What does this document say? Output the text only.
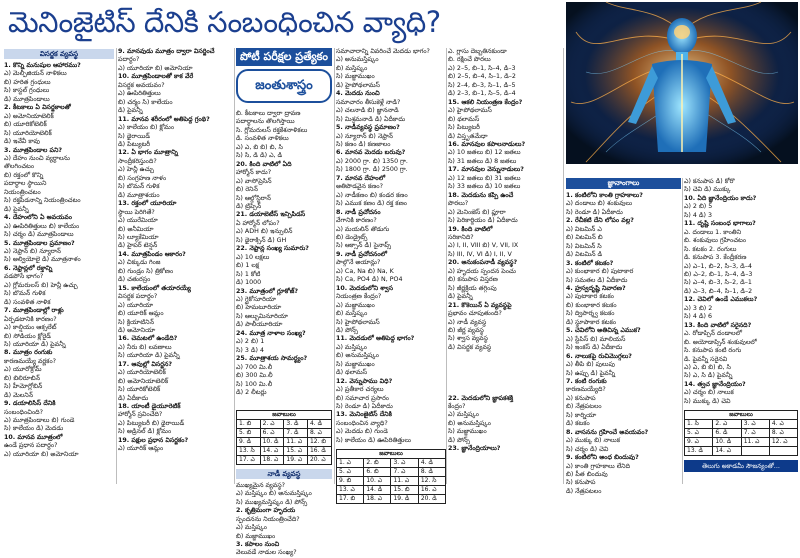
మెనింజైటిస్ దేనికి సంబంధించిన వ్యాధి?
విసర్జక వ్యవస్థ

1. కొన్ని మనుషుల ఆహారము?

ఎ) మెల్పీజియన్ నాళికలు

బి) హరిత గ్రంధులు

సి) కాస్టల్ గ్రంధులు

డి) మూత్రపిండాలు

2. కీటకాలు ఏ విసర్జకాలతో

ఎ) అమోనియాటెలిక్

బి) యూరికోటెలిక్

సి) యూరియోటెలిక్

డి) ఇవేవీ కావు

3. మూత్రపిండాల పని?

ఎ) దేహం నుంచి వ్యర్థాలను

తొలగించటం

బి) రక్తంలో కొన్ని

పదార్థాల స్థాయిని

నియంత్రించటం

సి) రక్తపీడనాన్ని నియంత్రించటం

డి) పైవన్నీ

4. దేహంలోని ఏ అవయవం

ఎ) ఊపిరితిత్తులు బి) కాలేయం

సి) చర్మం డి) మూత్రపిండాలు

5. మూత్రపిండాల ప్రమాణం?

ఎ) నెఫ్రాన్ బి) న్యూరాన్

సి) అల్వియోలై డి) మూత్రనాళం

6. నెఫ్రాన్లలో రక్తాన్ని

వడపోసే భాగం?

ఎ) గ్లోమరులస్ బి) హెన్లీ ఉచ్చు

సి) బొమన్ గుళిక

డి) సంవళిత నాళిక

7. మూత్రపిండాల్లో రాళ్లు

ఏర్పడటానికి కారణం?

ఎ) కాల్షియం ఆక్సలేట్

బి) సోడియం క్లోరైడ్

సి) యూరియా డి) పైవన్నీ

8. మూత్రం రంగుకు

కారణమయ్యే వర్ణకం?

ఎ) యూరోక్రోమ్

బి) బిలిరూబిన్

సి) హీమోగ్లోబిన్

డి) మెలనిన్

9. డయాలిసిస్ దేనికి

సంబంధించింది?

ఎ) మూత్రపిండాలు బి) గుండె

సి) కాలేయం డి) మెదడు

10. మానవ మూత్రంలో

ఉండే ప్రధాన పదార్థం?

ఎ) యూరియా బి) అమోనియా

9. మానవుడు మూత్రం ద్వారా విసర్జించే

పదార్థం?

ఎ) యూరియా బి) అమోనియా

10. మూత్రపిండాలతో కాక వేరే

విసర్జక అవయవం?

ఎ) ఊపిరితిత్తులు

బి) చర్మం సి) కాలేయం

డి) పైవన్నీ

11. మానవ శరీరంలో అతిపెద్ద గ్రంథి?

ఎ) కాలేయం బి) క్లోమం

సి) థైరాయిడ్

డి) పిట్యుటరీ

12. ఏ భాగం మూత్రాన్ని

సాంద్రీకరిస్తుంది?

ఎ) హెన్లీ ఉచ్చు

బి) సంగ్రహణ నాళం

సి) బొమన్ గుళిక

డి) మూత్రాశయం

13. రక్తంలో యూరియా

స్థాయి పెరిగితే?

ఎ) యురేమియా

బి) అనీమియా

సి) ల్యూకేమియా

డి) హైపర్ టెన్షన్

14. మూత్రపిండం ఆకారం?

ఎ) చిక్కుడు గింజ

బి) గుండ్రం సి) త్రికోణం

డి) చతురస్రం

15. కాలేయంలో తయారయ్యే

విసర్జక పదార్థం?

ఎ) యూరియా

బి) యూరిక్ ఆమ్లం

సి) క్రియాటినిన్

డి) అమోనియా

16. చెమటలో ఉండేది?

ఎ) నీరు బి) లవణాలు

సి) యూరియా డి) పైవన్నీ

17. ఆవుల్లో విసర్జన?

ఎ) యూరియోటెలిక్

బి) అమోనియాటెలిక్

సి) యూరికోటెలిక్

డి) ఏదీకాదు

18. యాంటీ డైయూరెటిక్

హార్మోన్ స్రవించేది?

ఎ) పిట్యుటరీ బి) థైరాయిడ్

సి) అడ్రినల్ డి) క్లోమం

19. పక్షుల ప్రధాన విసర్జకం?

ఎ) యూరిక్ ఆమ్లం

పోటీ పరీక్షల ప్రత్యేకం
జంతుశాస్త్రం

బి. కీటకాలు ద్వారా ద్రావణ

పదార్థాలను తొలగిస్తాయి

సి. గ్లోమరులస్ రక్తకేశనాళికలు

డి. సంవళిత నాళికలు

ఎ) ఎ, బి బి) బి, సి

సి) సి, డి డి) ఎ, డి

20. కింది వాటిలో ఏది

హార్మోన్ కాదు?

ఎ) వాసోప్రెసిన్

బి) రెనిన్

సి) ఆల్డోస్టిరాన్

డి) ట్రిప్సిన్

21. డయాబెటీస్ ఇన్సిపిడస్

ఏ హార్మోన్ లోపం?

ఎ) ADH బి) ఇన్సులిన్

సి) థైరాక్సిన్ డి) GH

22. నెఫ్రాన్ల సంఖ్య సుమారు?

ఎ) 10 లక్షలు

బి) 1 లక్ష

సి) 1 కోటి

డి) 1000

23. మూత్రంలో గ్లూకోజ్?

ఎ) గ్లైకోసూరియా

బి) హెమటూరియా

సి) ఆల్బుమినూరియా

డి) పాలీయూరియా

24. మూత్ర నాళాల సంఖ్య?

ఎ) 2 బి) 1

సి) 3 డి) 4

25. మూత్రాశయ సామర్థ్యం?

ఎ) 700 మి.లీ

బి) 300 మి.లీ

సి) 100 మి.లీ

డి) 2 లీటర్లు

జవాబులు			
1. బి	2. ఎ	3. డి	4. డి
5. బి	6. ఎ	7. డి	8. ఎ
9. డి	10. డి	11. ఎ	12. బి
13. సి	14. ఎ	15. ఎ	16. డి
17. ఎ	18. ఎ	19. ఎ	20. ఎ
నాడీ వ్యవస్థ

ముఖ్యమైన వ్యవస్థ?

ఎ) మస్తిష్కం బి) అనుమస్తిష్కం

సి) ముఖ్యమస్తిష్కం డి) పోన్స్

2. కృత్రిమంగా హృదయ

స్పందనను నియంత్రించేది?

ఎ) మస్తిష్కం

బి) మజ్జాముఖం

3. కపాలం నుంచి

వెలువడే నాడుల సంఖ్య?

సమాచారాన్ని వివరించే మెదడు భాగం?

ఎ) అనుమస్తిష్కం

బి) మస్తిష్కం

సి) మజ్జాముఖం

డి) హైపోథలామస్

4. మెదడు నుంచి

సమాచారం తీసుకెళ్లే నాడి?

ఎ) చలనాడి బి) జ్ఞాననాడి

సి) మిశ్రమనాడి డి) ఏదీకాదు

5. నాడీవ్యవస్థ ప్రమాణం?

ఎ) న్యూరాన్ బి) నెఫ్రాన్

సి) కణం డి) కణజాలం

6. మానవ మెదడు బరువు?

ఎ) 2000 గ్రా. బి) 1350 గ్రా.

సి) 1800 గ్రా. డి) 2500 గ్రా.

7. మానవ దేహంలో

అతిపొడవైన కణం?

ఎ) నాడీకణం బి) కండర కణం

సి) ఎముక కణం డి) రక్త కణం

8. నాడీ ప్రచోదనం

వేగానికి కారణం?

ఎ) మయలిన్ తొడుగు

బి) డెండ్రైట్స్

సి) ఆక్సాన్ డి) సైనాప్స్

9. నాడీ ప్రచోదనంలో

పాల్గొనే అయాన్లు?

ఎ) Ca, Na బి) Na, K

సి) Ca, PO4 డి) N, PO4

10. మెదడులోని శ్వాస

నియంత్రణ కేంద్రం?

ఎ) మజ్జాముఖం

బి) మస్తిష్కం

సి) హైపోథలామస్

డి) పోన్స్

11. మెదడులో అతిపెద్ద భాగం?

ఎ) మస్తిష్కం

బి) అనుమస్తిష్కం

సి) మజ్జాముఖం

డి) థలామస్

12. వెన్నుపాము విధి?

ఎ) ప్రతీకార చర్యలు

బి) సమాచార ప్రసారం

సి) రెండూ డి) ఏదీకాదు

13. మెనింజైటిస్ దేనికి

సంబంధించిన వ్యాధి?

ఎ) మెదడు బి) గుండె

సి) కాలేయం డి) ఊపిరితిత్తులు

జవాబులు			
1. ఎ	2. బి	3. ఎ	4. డి
5. ఎ	6. బి	7. ఎ	8. డి
9. బి	10. ఎ	11. ఎ	12. సి
13. ఎ	14. డి	15. బి	16. ఎ
17. బి	18. ఎ	19. డి	20. డి

ఎ. గ్లాసు దెబ్బతినకుండా

బి. రక్షించే పొరలు

ఎ) 2–5, బి–1, సి–4, డి–3

బి) 2–5, బి–4, సి–1, డి–2

సి) 2–4, బి–3, సి–1, డి–5

డి) 2–3, బి–1, సి–5, డి–4

15. ఆకలి నియంత్రణ కేంద్రం?

ఎ) హైపోథలామస్

బి) థలామస్

సి) పిట్యుటరీ

డి) విస్తృతమేధా

16. మానవుల కపాలనాడులు?

ఎ) 10 జతలు బి) 12 జతలు

సి) 31 జతలు డి) 8 జతలు

17. మానవుల వెన్నునాడులు?

ఎ) 12 జతలు బి) 31 జతలు

సి) 33 జతలు డి) 10 జతలు

18. మెదడును కప్పి ఉంచే

పొరలు?

ఎ) మెనింజెస్ బి) ప్లూరా

సి) పెరికార్డియం డి) ఏదీకాదు

19. కింది వాటిలో

సరికానిది?

ఎ) I, II, VIII బి) V, VII, IX

సి) III, IV, VI డి) I, II, V

20. అనుకంపనాడీ వ్యవస్థ?

ఎ) హృదయ స్పందన పెంచు

బి) కనుపాప విస్తరణ

సి) జీర్ణక్రియ తగ్గింపు

డి) పైవన్నీ

21. కొకెయిన్ ఏ వ్యవస్థపై

ప్రభావం చూపుతుంది?

ఎ) నాడీ వ్యవస్థ

బి) జీర్ణ వ్యవస్థ

సి) శ్వాస వ్యవస్థ

డి) విసర్జక వ్యవస్థ

22. మెదడులోని జ్ఞాపకశక్తి

కేంద్రం?

ఎ) మస్తిష్కం

బి) అనుమస్తిష్కం

సి) మజ్జాముఖం

డి) పోన్స్

23. జ్ఞానేంద్రియాలు?

జ్ఞానాంగాలు

1. కంటిలోని కాంతి గ్రాహకాలు?

ఎ) దండాలు బి) శంకువులు

సి) రెండూ డి) ఏదీకాదు

2. రేచీకటి దేని లోపం వల్ల?

ఎ) విటమిన్ ఎ

బి) విటమిన్ బి

సి) విటమిన్ సి

డి) విటమిన్ డి

3. కంటిలో కటకం?

ఎ) కుంభాకార బి) పుటాకార

సి) సమతల డి) ఏదీకాదు

4. హ్రస్వదృష్టి నివారణ?

ఎ) పుటాకార కటకం

బి) కుంభాకార కటకం

సి) ద్విపార్శ్వ కటకం

డి) స్థూపాకార కటకం

5. చెవిలోని అతిచిన్న ఎముక?

ఎ) స్టేపిస్ బి) మాలియస్

సి) ఇంకస్ డి) ఏదీకాదు

6. నాలుకపై రుచిమొగ్గలు?

ఎ) తీపి బి) పులుపు

సి) ఉప్పు డి) పైవన్నీ

7. కంటి రంగుకు

కారణమయ్యేది?

ఎ) కనుపాప

బి) నేత్రపటలం

సి) కార్నియా

డి) కటకం

8. వాసనను గ్రహించే అవయవం?

ఎ) ముక్కు బి) నాలుక

సి) చర్మం డి) చెవి

9. కంటిలోని అంధ బిందువు?

ఎ) కాంతి గ్రాహకాలు లేనిది

బి) పీత బిందువు

సి) కనుపాప

డి) నేత్రపటలం

ఎ) కనుపాప డి) కోరొ

సి) చెవి డి) ముక్కు

10. ఏది జ్ఞానేంద్రియం కాదు?

ఎ) 2 బి) 5

సి) 4 డి) 3

11. దృష్టి సంబంధ భాగాలు?

ఎ. దండాలు 1. కాంతిని

బి. శంకువులు గ్రహించటం

సి. కటకం 2. రంగులు

డి. కనుపాప 3. కేంద్రీకరణ

ఎ) ఎ–1, బి–2, సి–3, డి–4

బి) ఎ–2, బి–1, సి–4, డి–3

సి) ఎ–4, బి–3, సి–2, డి–1

డి) ఎ–3, బి–4, సి–1, డి–2

12. చెవిలో ఉండే ఎముకలు?

ఎ) 3 బి) 2

సి) 4 డి) 6

13. కింది వాటిలో సరైనది?

ఎ. రోడాప్సిన్ దండాలలో

బి. అయోడాప్సిన్ శంకువులలో

సి. కనుపాప కంటి రంగు

డి. పైవన్నీ సరైనవి

ఎ) ఎ, బి బి) బి, సి

సి) ఎ, సి డి) పైవన్నీ

14. త్వచ జ్ఞానేంద్రియం?

ఎ) చర్మం బి) నాలుక

సి) ముక్కు డి) చెవి

జవాబులు			
1. సి	2. ఎ	3. ఎ	4. ఎ
5. ఎ	6. డి	7. ఎ	8. ఎ
9. ఎ	10. డి	11. ఎ	12. ఎ
13. డి	14. ఎ		
తెలుగు అకాడమీ సౌజన్యంతో...
